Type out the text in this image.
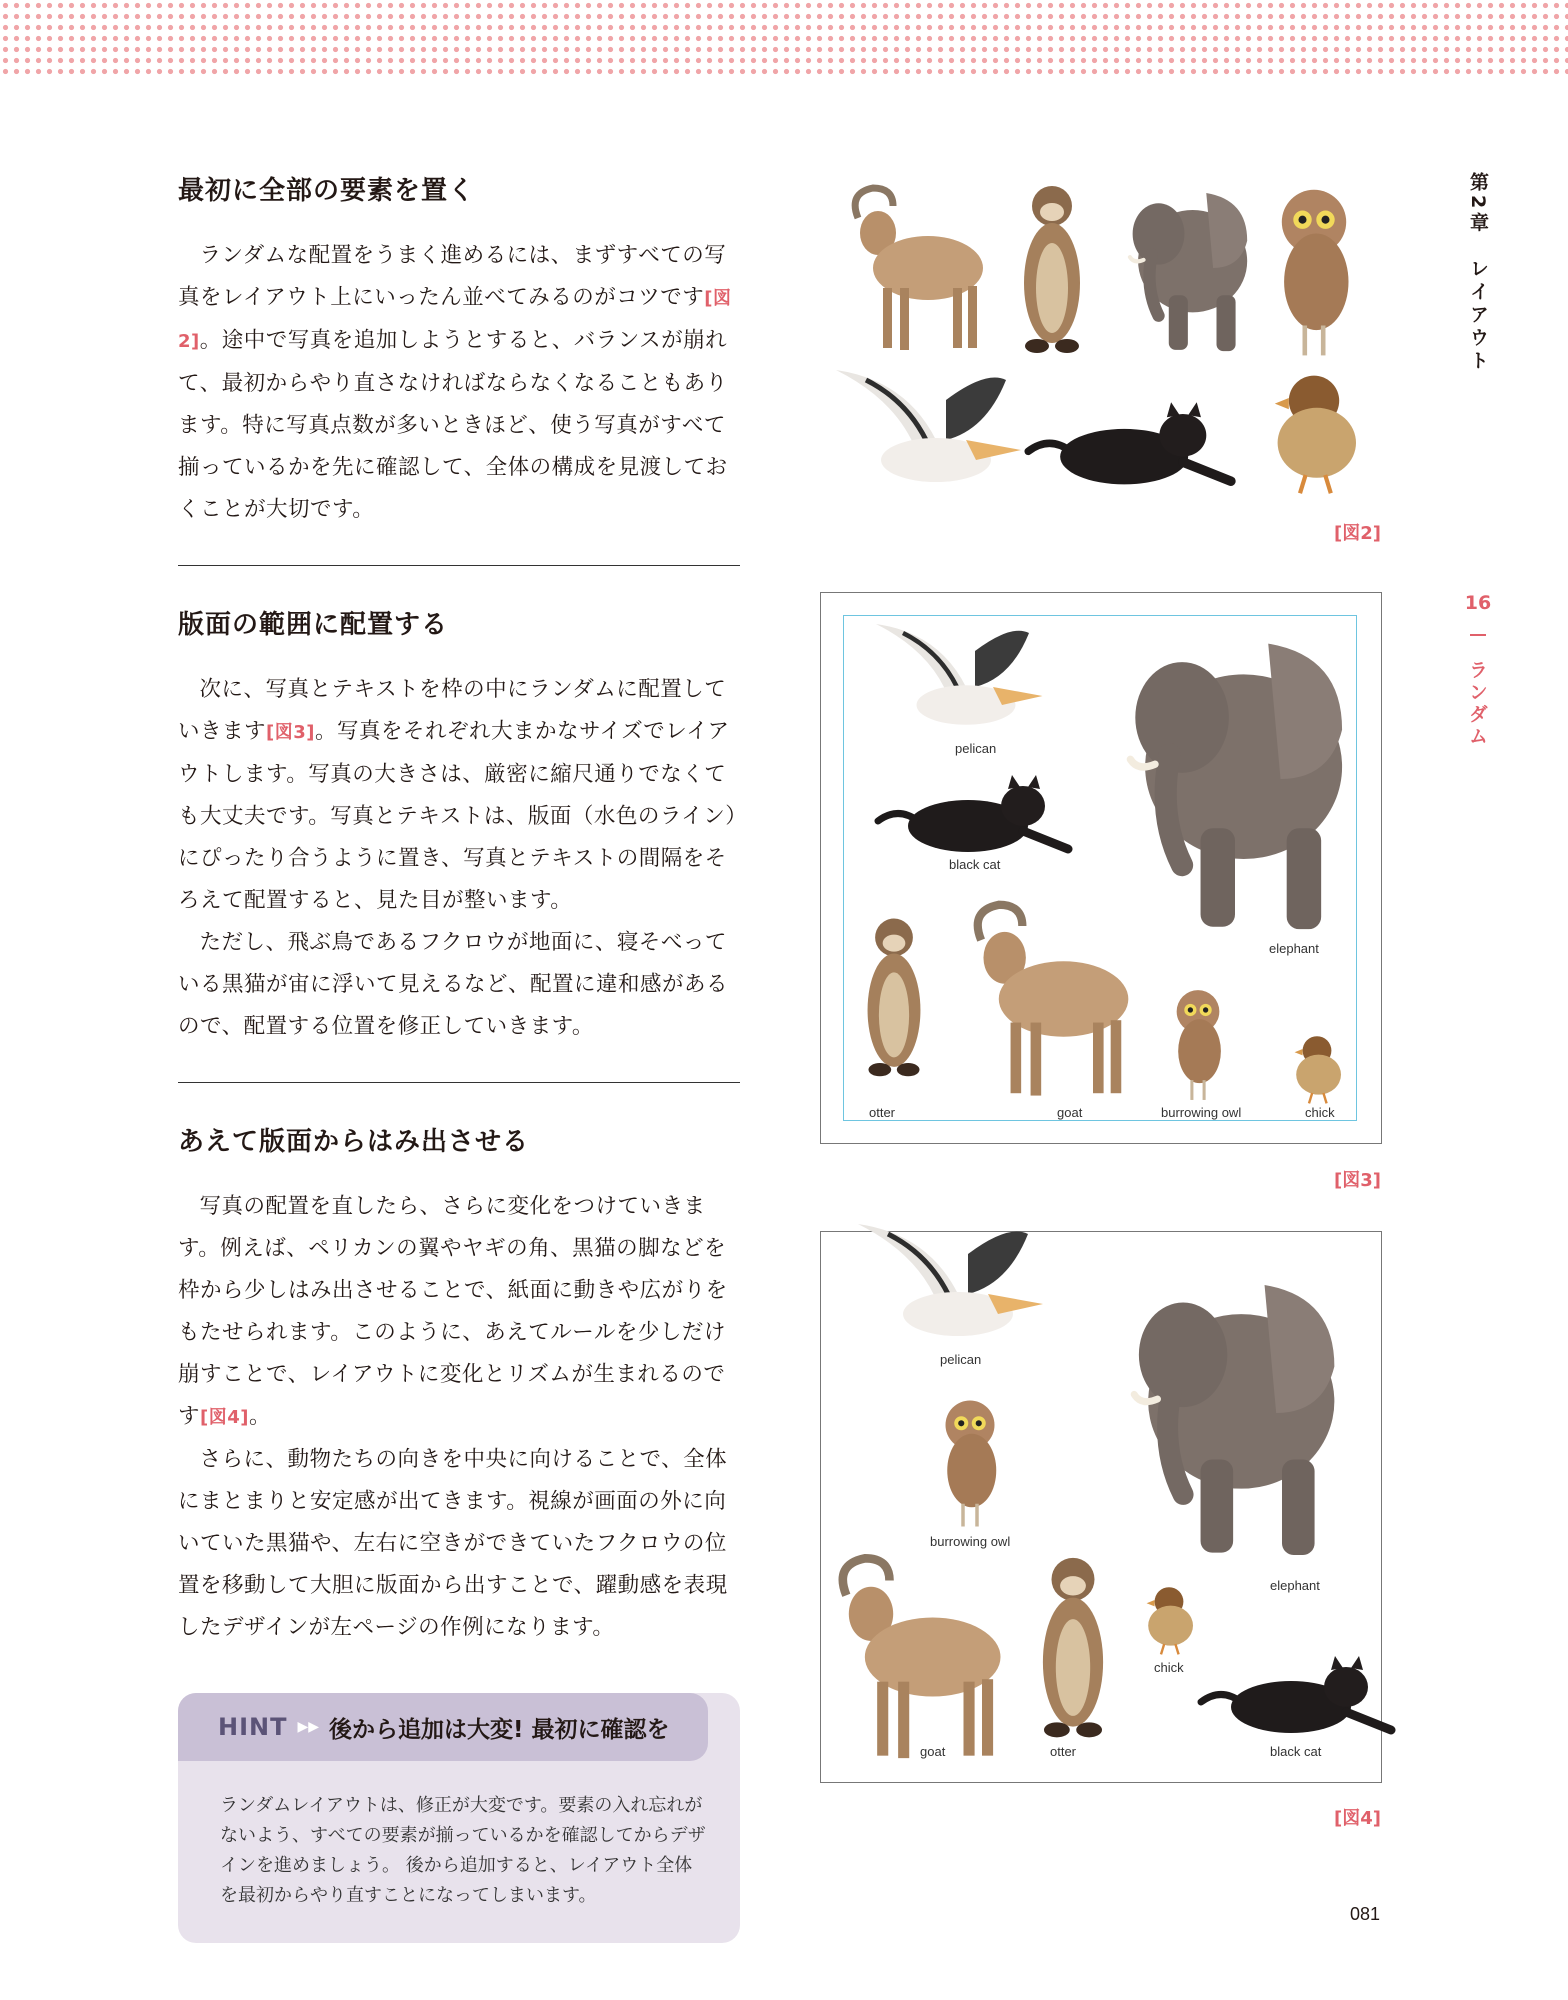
最初に全部の要素を置く

ランダムな配置をうまく進めるには、まずすべての写真をレイアウト上にいったん並べてみるのがコツです[図2]。途中で写真を追加しようとすると、バランスが崩れて、最初からやり直さなければならなくなることもあります。特に写真点数が多いときほど、使う写真がすべて揃っているかを先に確認して、全体の構成を見渡しておくことが大切です。

版面の範囲に配置する

次に、写真とテキストを枠の中にランダムに配置していきます[図3]。写真をそれぞれ大まかなサイズでレイアウトします。写真の大きさは、厳密に縮尺通りでなくても大丈夫です。写真とテキストは、版面（水色のライン）にぴったり合うように置き、写真とテキストの間隔をそろえて配置すると、見た目が整います。

ただし、飛ぶ鳥であるフクロウが地面に、寝そべっている黒猫が宙に浮いて見えるなど、配置に違和感があるので、配置する位置を修正していきます。

あえて版面からはみ出させる

写真の配置を直したら、さらに変化をつけていきます。例えば、ペリカンの翼やヤギの角、黒猫の脚などを枠から少しはみ出させることで、紙面に動きや広がりをもたせられます。このように、あえてルールを少しだけ崩すことで、レイアウトに変化とリズムが生まれるのです[図4]。

さらに、動物たちの向きを中央に向けることで、全体にまとまりと安定感が出てきます。視線が画面の外に向いていた黒猫や、左右に空きができていたフクロウの位置を移動して大胆に版面から出すことで、躍動感を表現したデザインが左ページの作例になります。

HINT ▶▶ 後から追加は大変! 最初に確認を
ランダムレイアウトは、修正が大変です。要素の入れ忘れがないよう、すべての要素が揃っているかを確認してからデザインを進めましょう。 後から追加すると、レイアウト全体を最初からやり直すことになってしまいます。
第2章　レイアウト
16
ランダム
[図2]
pelican
black cat
elephant
otter	goat	burrowing owl	chick
[図3]
pelican
elephant
burrowing owl
goat	otter
chick
black cat
[図4]
081
